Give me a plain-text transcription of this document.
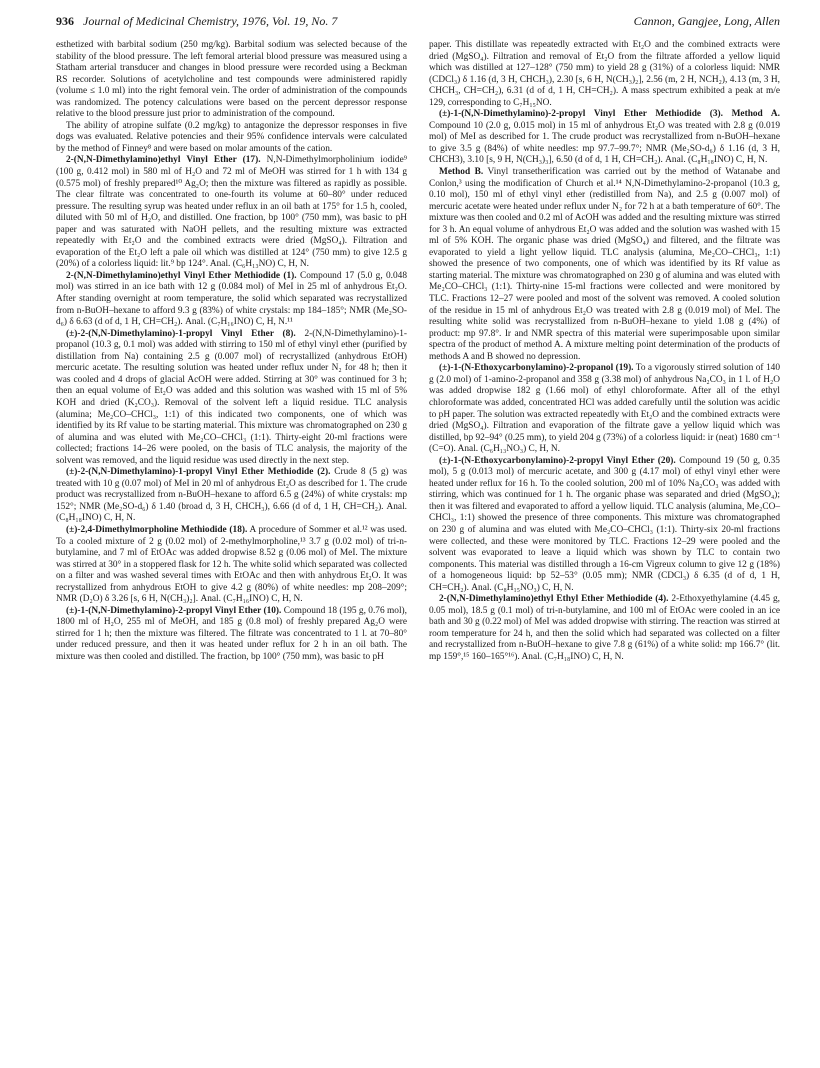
936 Journal of Medicinal Chemistry, 1976, Vol. 19, No. 7	Cannon, Gangjee, Long, Allen

esthetized with barbital sodium (250 mg/kg). Barbital sodium was selected because of the stability of the blood pressure. The left femoral arterial blood pressure was measured using a Statham arterial transducer and changes in blood pressure were recorded using a Beckman RS recorder. Solutions of acetylcholine and test compounds were administered rapidly (volume ≤ 1.0 ml) into the right femoral vein. The order of administration of the compounds was randomized. The potency calculations were based on the percent depressor response relative to the blood pressure just prior to administration of the compound.

The ability of atropine sulfate (0.2 mg/kg) to antagonize the depressor responses in five dogs was evaluated. Relative potencies and their 95% confidence intervals were calculated by the method of Finney⁸ and were based on molar amounts of the cation.

2-(N,N-Dimethylamino)ethyl Vinyl Ether (17). N,N-Dimethylmorpholinium iodide⁹ (100 g, 0.412 mol) in 580 ml of H₂O and 72 ml of MeOH was stirred for 1 h with 134 g (0.575 mol) of freshly prepared¹⁰ Ag₂O; then the mixture was filtered as rapidly as possible. The clear filtrate was concentrated to one-fourth its volume at 60–80° under reduced pressure. The resulting syrup was heated under reflux in an oil bath at 175° for 1.5 h, cooled, diluted with 50 ml of H₂O, and distilled. One fraction, bp 100° (750 mm), was basic to pH paper and was saturated with NaOH pellets, and the resulting mixture was extracted repeatedly with Et₂O and the combined extracts were dried (MgSO₄). Filtration and evaporation of the Et₂O left a pale oil which was distilled at 124° (750 mm) to give 12.5 g (20%) of a colorless liquid: lit.⁹ bp 124°. Anal. (C₆H₁₃NO) C, H, N.

2-(N,N-Dimethylamino)ethyl Vinyl Ether Methiodide (1). Compound 17 (5.0 g, 0.048 mol) was stirred in an ice bath with 12 g (0.084 mol) of MeI in 25 ml of anhydrous Et₂O. After standing overnight at room temperature, the solid which separated was recrystallized from n-BuOH–hexane to afford 9.3 g (83%) of white crystals: mp 184–185°; NMR (Me₂SO-d₆) δ 6.63 (d of d, 1 H, CH=CH₂). Anal. (C₇H₁₆INO) C, H, N.¹¹

(±)-2-(N,N-Dimethylamino)-1-propyl Vinyl Ether (8). 2-(N,N-Dimethylamino)-1-propanol (10.3 g, 0.1 mol) was added with stirring to 150 ml of ethyl vinyl ether (purified by distillation from Na) containing 2.5 g (0.007 mol) of recrystallized (anhydrous EtOH) mercuric acetate. The resulting solution was heated under reflux under N₂ for 48 h; then it was cooled and 4 drops of glacial AcOH were added. Stirring at 30° was continued for 3 h; then an equal volume of Et₂O was added and this solution was washed with 15 ml of 5% KOH and dried (K₂CO₃). Removal of the solvent left a liquid residue. TLC analysis (alumina; Me₂CO–CHCl₃, 1:1) of this indicated two components, one of which was identified by its Rf value to be starting material. This mixture was chromatographed on 230 g of alumina and was eluted with Me₂CO–CHCl₃ (1:1). Thirty-eight 20-ml fractions were collected; fractions 14–26 were pooled, on the basis of TLC analysis, the majority of the solvent was removed, and the liquid residue was used directly in the next step.

(±)-2-(N,N-Dimethylamino)-1-propyl Vinyl Ether Methiodide (2). Crude 8 (5 g) was treated with 10 g (0.07 mol) of MeI in 20 ml of anhydrous Et₂O as described for 1. The crude product was recrystallized from n-BuOH–hexane to afford 6.5 g (24%) of white crystals: mp 152°; NMR (Me₂SO-d₆) δ 1.40 (broad d, 3 H, CHCH₃), 6.66 (d of d, 1 H, CH=CH₂). Anal. (C₈H₁₈INO) C, H, N.

(±)-2,4-Dimethylmorpholine Methiodide (18). A procedure of Sommer et al.¹² was used. To a cooled mixture of 2 g (0.02 mol) of 2-methylmorpholine,¹³ 3.7 g (0.02 mol) of tri-n-butylamine, and 7 ml of EtOAc was added dropwise 8.52 g (0.06 mol) of MeI. The mixture was stirred at 30° in a stoppered flask for 12 h. The white solid which separated was collected on a filter and was washed several times with EtOAc and then with anhydrous Et₂O. It was recrystallized from anhydrous EtOH to give 4.2 g (80%) of white needles: mp 208–209°; NMR (D₂O) δ 3.26 [s, 6 H, N(CH₃)₂]. Anal. (C₇H₁₆INO) C, H, N.

(±)-1-(N,N-Dimethylamino)-2-propyl Vinyl Ether (10). Compound 18 (195 g, 0.76 mol), 1800 ml of H₂O, 255 ml of MeOH, and 185 g (0.8 mol) of freshly prepared Ag₂O were stirred for 1 h; then the mixture was filtered. The filtrate was concentrated to 1 l. at 70–80° under reduced pressure, and then it was heated under reflux for 2 h in an oil bath. The mixture was then cooled and distilled. The fraction, bp 100° (750 mm), was basic to pH

paper. This distillate was repeatedly extracted with Et₂O and the combined extracts were dried (MgSO₄). Filtration and removal of Et₂O from the filtrate afforded a yellow liquid which was distilled at 127–128° (750 mm) to yield 28 g (31%) of a colorless liquid: NMR (CDCl₃) δ 1.16 (d, 3 H, CHCH₃), 2.30 [s, 6 H, N(CH₃)₂], 2.56 (m, 2 H, NCH₂), 4.13 (m, 3 H, CHCH₃, CH=CH₂), 6.31 (d of d, 1 H, CH=CH₂). A mass spectrum exhibited a peak at m/e 129, corresponding to C₇H₁₅NO.

(±)-1-(N,N-Dimethylamino)-2-propyl Vinyl Ether Methiodide (3). Method A. Compound 10 (2.0 g, 0.015 mol) in 15 ml of anhydrous Et₂O was treated with 2.8 g (0.019 mol) of MeI as described for 1. The crude product was recrystallized from n-BuOH–hexane to give 3.5 g (84%) of white needles: mp 97.7–99.7°; NMR (Me₂SO-d₆) δ 1.16 (d, 3 H, CHCH3), 3.10 [s, 9 H, N(CH₃)₃], 6.50 (d of d, 1 H, CH=CH₂). Anal. (C₈H₁₈INO) C, H, N.

Method B. Vinyl transetherification was carried out by the method of Watanabe and Conlon,³ using the modification of Church et al.¹⁴ N,N-Dimethylamino-2-propanol (10.3 g, 0.10 mol), 150 ml of ethyl vinyl ether (redistilled from Na), and 2.5 g (0.007 mol) of mercuric acetate were heated under reflux under N₂ for 72 h at a bath temperature of 60°. The mixture was then cooled and 0.2 ml of AcOH was added and the resulting mixture was stirred for 3 h. An equal volume of anhydrous Et₂O was added and the solution was washed with 15 ml of 5% KOH. The organic phase was dried (MgSO₄) and filtered, and the filtrate was evaporated to yield a light yellow liquid. TLC analysis (alumina, Me₂CO–CHCl₃, 1:1) showed the presence of two components, one of which was identified by its Rf value as starting material. The mixture was chromatographed on 230 g of alumina and was eluted with Me₂CO–CHCl₃ (1:1). Thirty-nine 15-ml fractions were collected and were monitored by TLC. Fractions 12–27 were pooled and most of the solvent was removed. A cooled solution of the residue in 15 ml of anhydrous Et₂O was treated with 2.8 g (0.019 mol) of MeI. The resulting white solid was recrystallized from n-BuOH–hexane to yield 1.08 g (4%) of product: mp 97.8°. Ir and NMR spectra of this material were superimposable upon similar spectra of the product of method A. A mixture melting point determination of the products of methods A and B showed no depression.

(±)-1-(N-Ethoxycarbonylamino)-2-propanol (19). To a vigorously stirred solution of 140 g (2.0 mol) of 1-amino-2-propanol and 358 g (3.38 mol) of anhydrous Na₂CO₃ in 1 l. of H₂O was added dropwise 182 g (1.66 mol) of ethyl chloroformate. After all of the ethyl chloroformate was added, concentrated HCl was added carefully until the solution was acidic to pH paper. The solution was extracted repeatedly with Et₂O and the combined extracts were dried (MgSO₄). Filtration and evaporation of the filtrate gave a yellow liquid which was distilled, bp 92–94° (0.25 mm), to yield 204 g (73%) of a colorless liquid: ir (neat) 1680 cm⁻¹ (C=O). Anal. (C₆H₁₃NO₃) C, H, N.

(±)-1-(N-Ethoxycarbonylamino)-2-propyl Vinyl Ether (20). Compound 19 (50 g, 0.35 mol), 5 g (0.013 mol) of mercuric acetate, and 300 g (4.17 mol) of ethyl vinyl ether were heated under reflux for 16 h. To the cooled solution, 200 ml of 10% Na₂CO₃ was added with stirring, which was continued for 1 h. The organic phase was separated and dried (MgSO₄); then it was filtered and evaporated to afford a yellow liquid. TLC analysis (alumina, Me₂CO–CHCl₃, 1:1) showed the presence of three components. This mixture was chromatographed on 230 g of alumina and was eluted with Me₂CO–CHCl₃ (1:1). Thirty-six 20-ml fractions were collected, and these were monitored by TLC. Fractions 12–29 were pooled and the solvent was evaporated to leave a liquid which was shown by TLC to contain two components. This material was distilled through a 16-cm Vigreux column to give 12 g (18%) of a homogeneous liquid: bp 52–53° (0.05 mm); NMR (CDCl₃) δ 6.35 (d of d, 1 H, CH=CH₂). Anal. (C₈H₁₅NO₃) C, H, N.

2-(N,N-Dimethylamino)ethyl Ethyl Ether Methiodide (4). 2-Ethoxyethylamine (4.45 g, 0.05 mol), 18.5 g (0.1 mol) of tri-n-butylamine, and 100 ml of EtOAc were cooled in an ice bath and 30 g (0.22 mol) of MeI was added dropwise with stirring. The reaction was stirred at room temperature for 24 h, and then the solid which had separated was collected on a filter and recrystallized from n-BuOH–hexane to give 7.8 g (61%) of a white solid: mp 166.7° (lit. mp 159°,¹⁵ 160–165°¹⁶). Anal. (C₇H₁₈INO) C, H, N.
